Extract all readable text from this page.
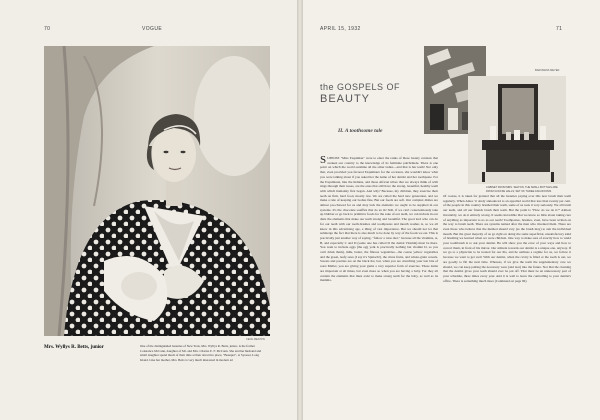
70	VOGUE
CECIL BEATON
Mrs. Wyllys R. Betts, junior	One of the distinguished beauties of New York, Mrs. Wyllys R. Betts, junior, is the former Constance McCann, daughter of Mr. and Mrs. Charles E. F. McCann. She and her husband and small daughter spend much of their time at their attractive place, "Beaupré", at Syosset, Long Island. Like her mother, Mrs. Betts is very much interested in modern art
APRIL 15, 1932	71
BARONESS MEYER
CABINET FROM MRS. SELTON, THE SMALL BOTTLES ARE FROM GOUFFE HALLS; SET OF THREE ASIA ROOMS
the GOSPELS OF
BEAUTY
II. A toothsome tale
SUPPOSE "Miss Eaquimau" were to enter the ranks of those beauty contests that awaken our country to the knowledge of its feminine pulchritude. There is one point on which the world outshine all the other ladies—and that is her teeth! Not only that, even provided you favored Esquimaux for the occasion, she wouldn't know what you were talking about if you asked her the name of her dentist and her toothpaste. For the Esquimaux, like the Indians, and those African tribes that we always think of with rings through their noses, are the ones that still have the strong, beautiful, healthy teeth with which humanity first began. And why? Because, my children, they exercise their teeth on firm, hard food, mostly raw. We are called the hard new generation, and we make a rule of keeping our bodies fine. But our foods are soft. Our complex dishes are almost pre-chewed for us and may lack the elements we ought to be supplied in our systems. It's the chocolate soufflés that do us in! Still, if we can't conscientiously take up blubber or go back to primitive foods for the sake of our teeth, we can include in our diets the elements that make our teeth strong and beautiful. The good lord who can do for our teeth with our tooth-brushes and toothpastes and mouth washes is, so we all know in this advertising age, a thing of vast importance. But we should not let that submerge the fact that there is also much to be done by way of the foods we eat. This is practically just another way of saying, "follow a wise diet," because all the vitamins, A, B, and especially C and D (some one has called D the dental Vitamin) must be there. You want to include eggs (the egg yolk is practically nothing but vitamin D, so you can't drink them), milk, butter, the fibrous vegetables—the coarse yellow vegetables and the green, leafy ones (I say it's Spinach!), the citrus fruits, and whole-grain cereals. Sweets and pastries are on the black list, but, when you are crunching your last bite of roast Mullet, you are giving your gums a very superior form of exercise. These items are important at all times, but even more so when you are having a baby. For they all contain the elements that must exist to make strong teeth for the baby, as well as its mamma.
Of course, it is taken for granted that all the beauties paying over this new brush their teeth regularly. When Amos 'n' Andy announced to an appalled world that less than twenty per cent. of the people in this country brushed their teeth, some of us took it very seriously. We all brush our teeth, and all our friends brush their teeth. But the point is "How do we do it?" Almost invariably, we do it entirely wrong. It seems incredible that we know so little about taking care of anything as important to us as our teeth! Toothpastes, brushes, even, have been written on the way to brush teeth. There are systems named after the men who invented them. There are even those who believe that the method should vary (as the brush may) to suit the individual mouth. But the great majority of us go right on doing the same superficial, unsatisfactory kind of brushing we learned when we were children. One way to make sure of exactly how to wield your toothbrush is to ask your dentist. He will show you the error of your ways and how to correct them, in front of his mirror. Our attitude towards our dentist is a unique one, anyway. If we go to a physician to be treated for our ills, and he outlines a regime for us, we follow it because we want to get well. With our dentist, when the cavity is filled or the tooth is out, we are goodly to fill the next time. Whereas, if we give the teeth the supplementary care we should, we can keep putting the necessary wear (and tear) into the future. Not that the cleaning that the dentist gives your teeth should ever be put off. That must be an unnecessary part of your schedule, three times every year. And it is well to leave the controlling to your dentist's office. There is something much more (Continued on page 96)
